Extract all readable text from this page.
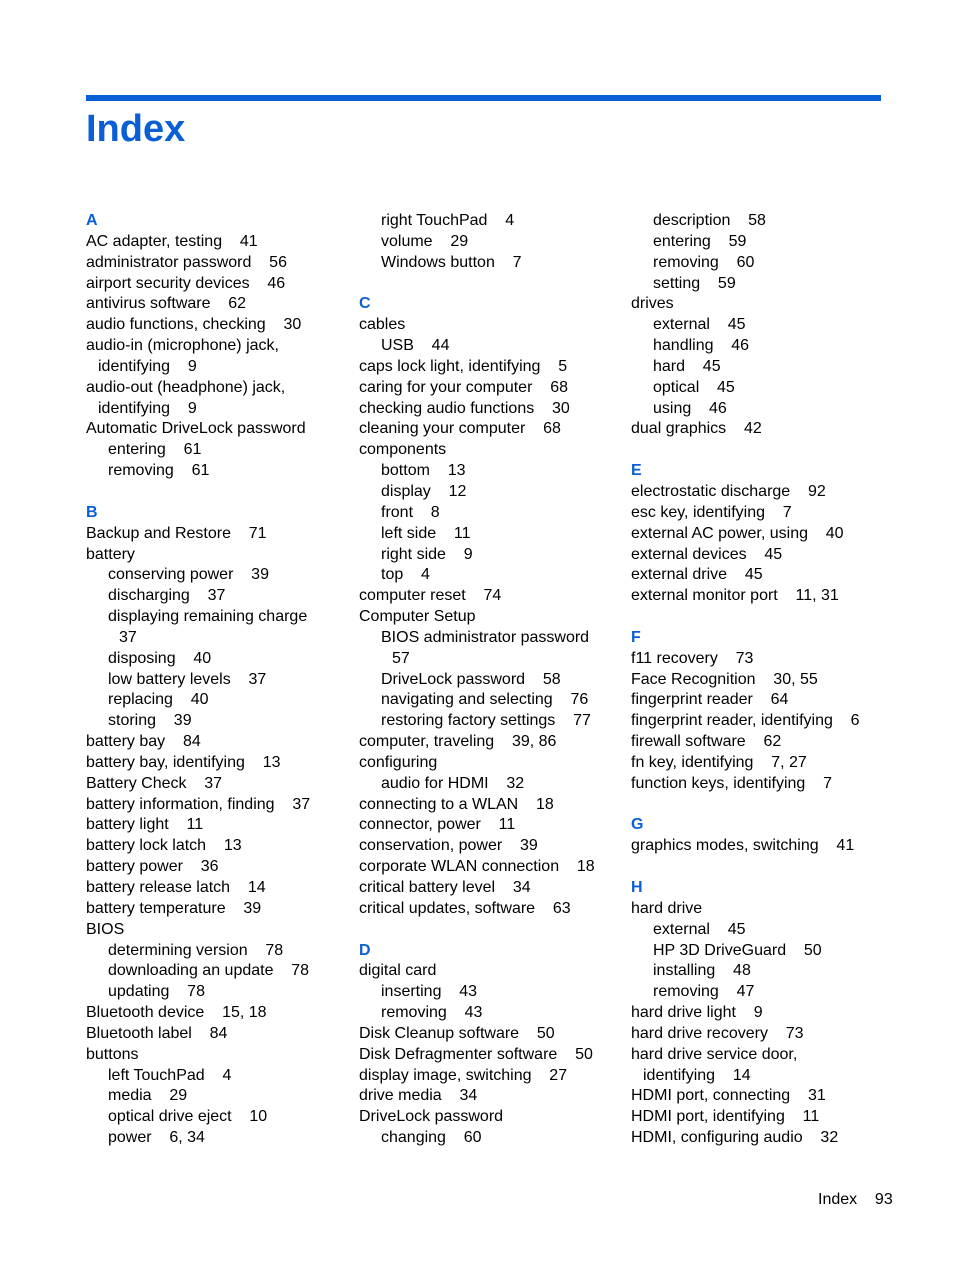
Index
A
AC adapter, testing    41
administrator password    56
airport security devices    46
antivirus software    62
audio functions, checking    30
audio-in (microphone) jack,
identifying    9
audio-out (headphone) jack,
identifying    9
Automatic DriveLock password
entering    61
removing    61
B
Backup and Restore    71
battery
conserving power    39
discharging    37
displaying remaining charge
37
disposing    40
low battery levels    37
replacing    40
storing    39
battery bay    84
battery bay, identifying    13
Battery Check    37
battery information, finding    37
battery light    11
battery lock latch    13
battery power    36
battery release latch    14
battery temperature    39
BIOS
determining version    78
downloading an update    78
updating    78
Bluetooth device    15, 18
Bluetooth label    84
buttons
left TouchPad    4
media    29
optical drive eject    10
power    6, 34
right TouchPad    4
volume    29
Windows button    7
C
cables
USB    44
caps lock light, identifying    5
caring for your computer    68
checking audio functions    30
cleaning your computer    68
components
bottom    13
display    12
front    8
left side    11
right side    9
top    4
computer reset    74
Computer Setup
BIOS administrator password
57
DriveLock password    58
navigating and selecting    76
restoring factory settings    77
computer, traveling    39, 86
configuring
audio for HDMI    32
connecting to a WLAN    18
connector, power    11
conservation, power    39
corporate WLAN connection    18
critical battery level    34
critical updates, software    63
D
digital card
inserting    43
removing    43
Disk Cleanup software    50
Disk Defragmenter software    50
display image, switching    27
drive media    34
DriveLock password
changing    60
description    58
entering    59
removing    60
setting    59
drives
external    45
handling    46
hard    45
optical    45
using    46
dual graphics    42
E
electrostatic discharge    92
esc key, identifying    7
external AC power, using    40
external devices    45
external drive    45
external monitor port    11, 31
F
f11 recovery    73
Face Recognition    30, 55
fingerprint reader    64
fingerprint reader, identifying    6
firewall software    62
fn key, identifying    7, 27
function keys, identifying    7
G
graphics modes, switching    41
H
hard drive
external    45
HP 3D DriveGuard    50
installing    48
removing    47
hard drive light    9
hard drive recovery    73
hard drive service door,
identifying    14
HDMI port, connecting    31
HDMI port, identifying    11
HDMI, configuring audio    32
Index    93
